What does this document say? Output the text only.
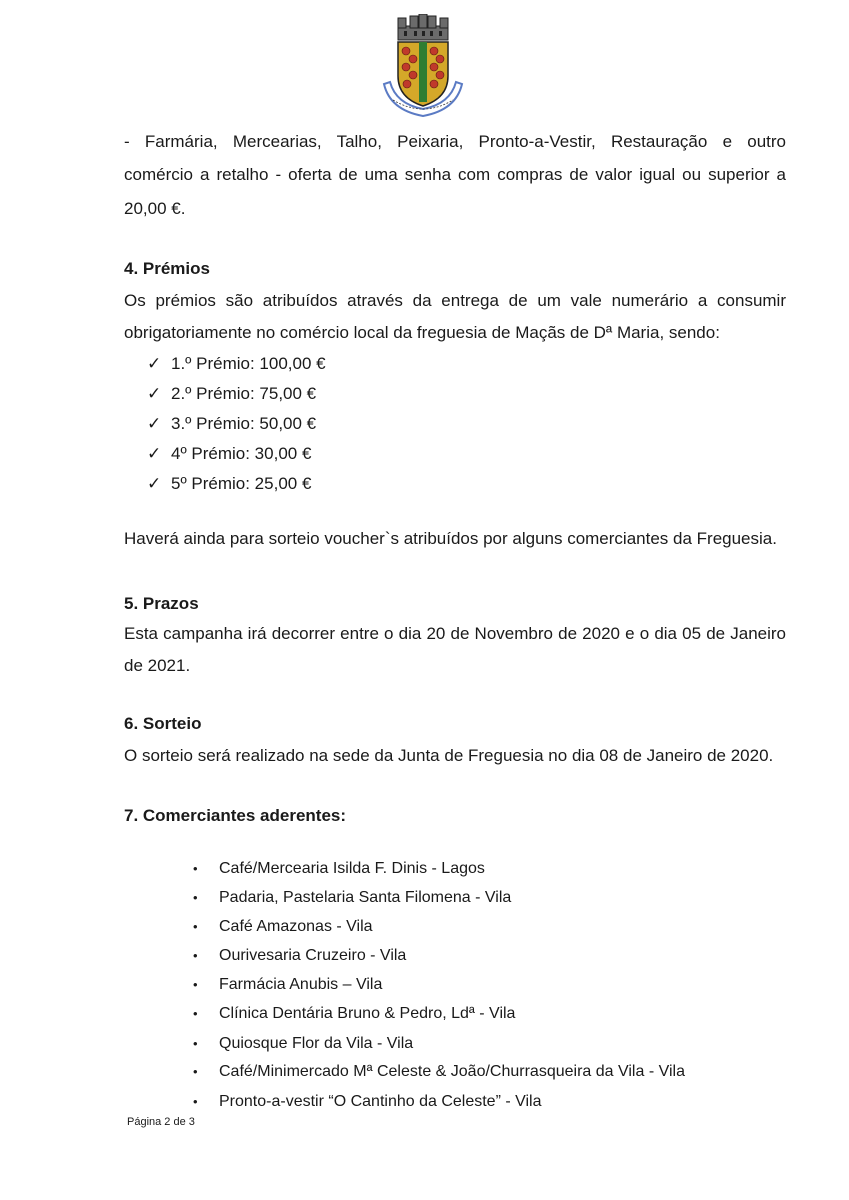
- Farmária, Mercearias, Talho, Peixaria, Pronto-a-Vestir, Restauração e outro

comércio a retalho - oferta de uma senha com compras de valor igual ou superior a

20,00 €.

4. Prémios

Os prémios são atribuídos através da entrega de um vale numerário a consumir

obrigatoriamente no comércio local da freguesia de Maçãs de Dª Maria, sendo:

✓ 1.º Prémio: 100,00 €
✓ 2.º Prémio: 75,00 €
✓ 3.º Prémio: 50,00 €
✓ 4º Prémio: 30,00 €
✓ 5º Prémio: 25,00 €

Haverá ainda para sorteio voucher`s atribuídos por alguns comerciantes da Freguesia.

5. Prazos

Esta campanha irá decorrer entre o dia 20 de Novembro de 2020 e o dia 05 de Janeiro

de 2021.

6. Sorteio

O sorteio será realizado na sede da Junta de Freguesia no dia 08 de Janeiro de 2020.

7. Comerciantes aderentes:
• Café/Mercearia Isilda F. Dinis - Lagos
• Padaria, Pastelaria Santa Filomena - Vila
• Café Amazonas - Vila
• Ourivesaria Cruzeiro - Vila
• Farmácia Anubis – Vila
• Clínica Dentária Bruno & Pedro, Ldª - Vila
• Quiosque Flor da Vila - Vila
• Café/Minimercado Mª Celeste & João/Churrasqueira da Vila - Vila
• Pronto-a-vestir “O Cantinho da Celeste” - Vila
Página 2 de 3
